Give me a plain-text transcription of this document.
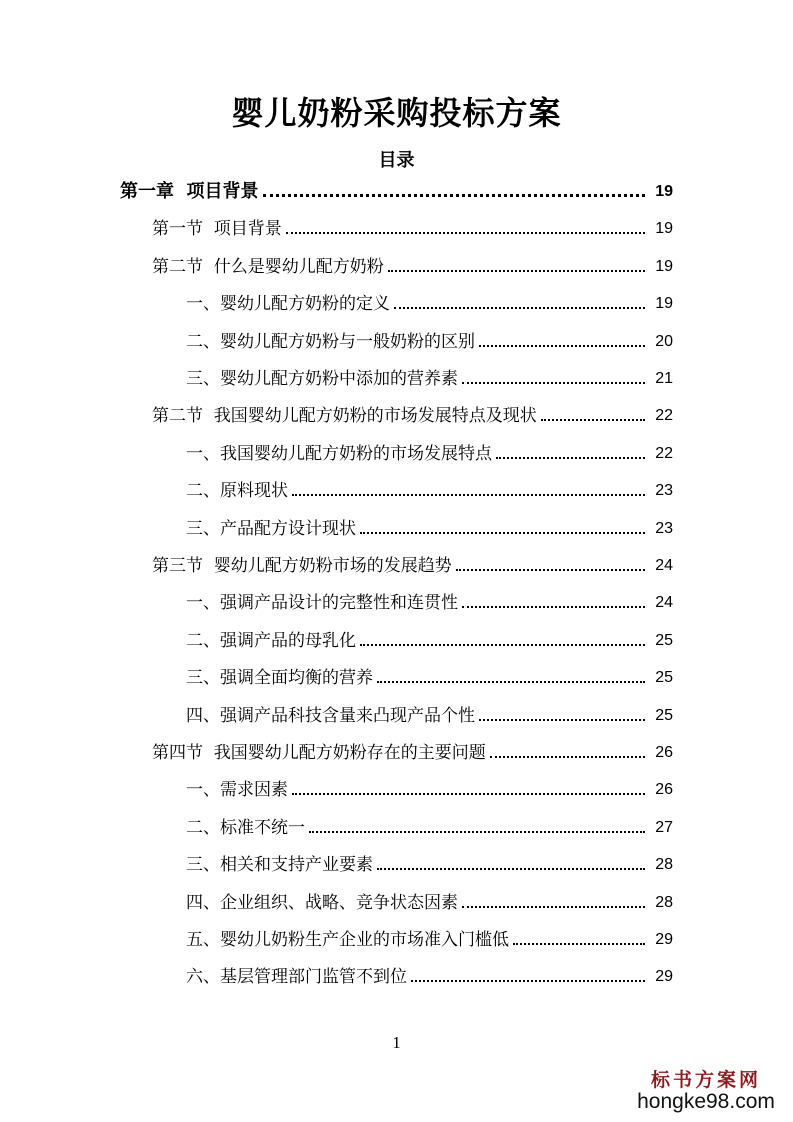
婴儿奶粉采购投标方案
目录
第一章  项目背景	19
第一节  项目背景	19
第二节  什么是婴幼儿配方奶粉	19
一、婴幼儿配方奶粉的定义	19
二、婴幼儿配方奶粉与一般奶粉的区别	20
三、婴幼儿配方奶粉中添加的营养素	21
第二节  我国婴幼儿配方奶粉的市场发展特点及现状	22
一、我国婴幼儿配方奶粉的市场发展特点	22
二、原料现状	23
三、产品配方设计现状	23
第三节  婴幼儿配方奶粉市场的发展趋势	24
一、强调产品设计的完整性和连贯性	24
二、强调产品的母乳化	25
三、强调全面均衡的营养	25
四、强调产品科技含量来凸现产品个性	25
第四节  我国婴幼儿配方奶粉存在的主要问题	26
一、需求因素	26
二、标准不统一	27
三、相关和支持产业要素	28
四、企业组织、战略、竞争状态因素	28
五、婴幼儿奶粉生产企业的市场准入门槛低	29
六、基层管理部门监管不到位	29
1
标书方案网
hongke98.com
